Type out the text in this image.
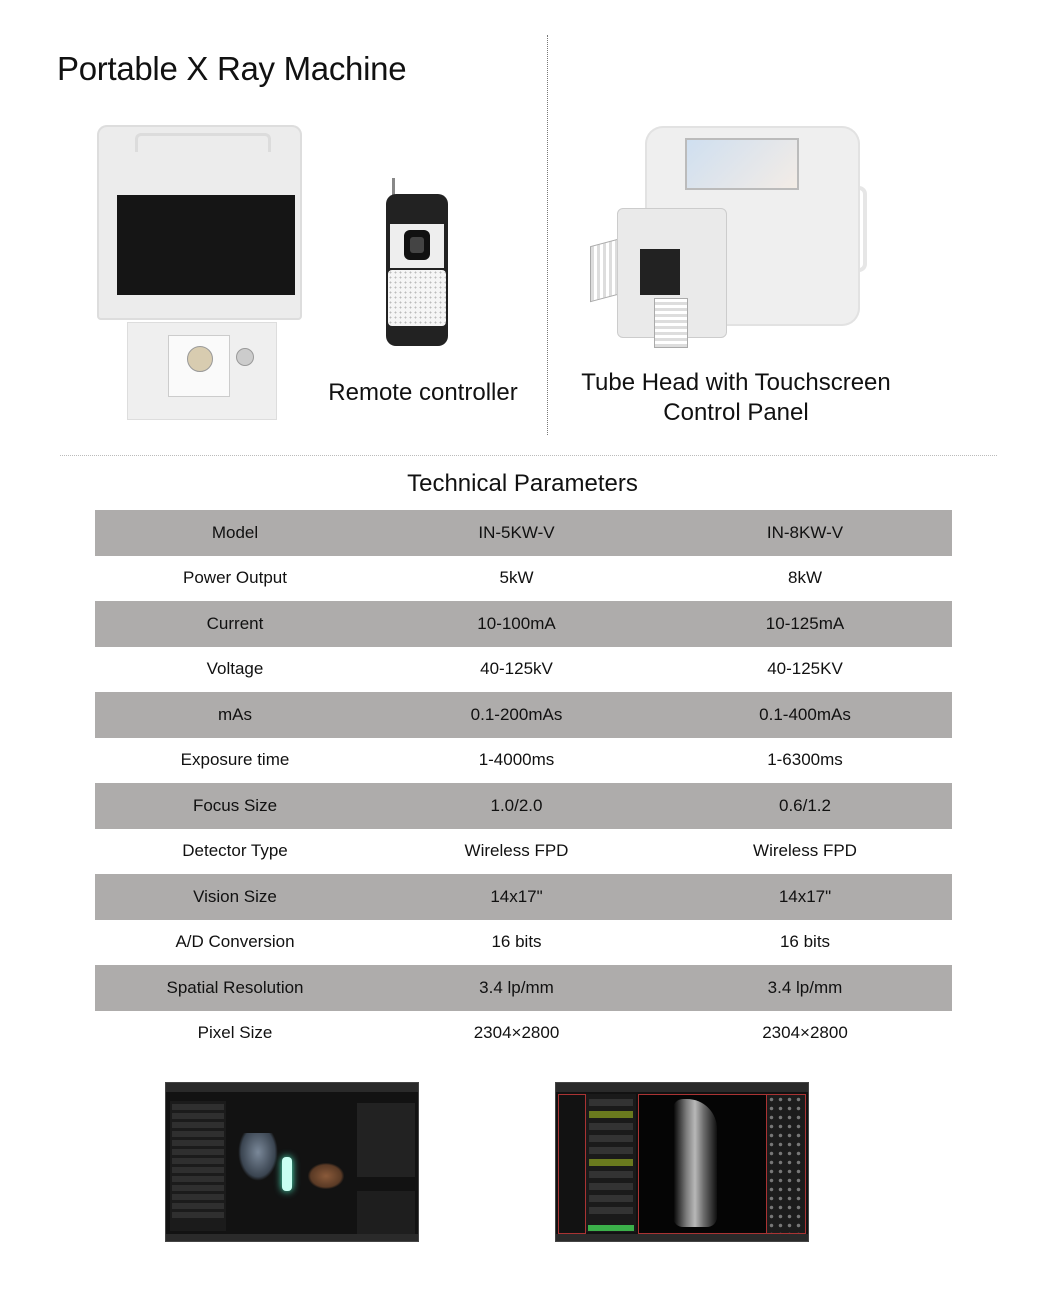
Portable X Ray Machine
Remote controller	Tube Head with Touchscreen
Control Panel
Technical Parameters
Model	IN-5KW-V	IN-8KW-V
Power Output	5kW	8kW
Current	10-100mA	10-125mA
Voltage	40-125kV	40-125KV
mAs	0.1-200mAs	0.1-400mAs
Exposure time	1-4000ms	1-6300ms
Focus Size	1.0/2.0	0.6/1.2
Detector Type	Wireless FPD	Wireless FPD
Vision Size	14x17"	14x17"
A/D Conversion	16 bits	16 bits
Spatial Resolution	3.4 lp/mm	3.4 lp/mm
Pixel Size	2304×2800	2304×2800
